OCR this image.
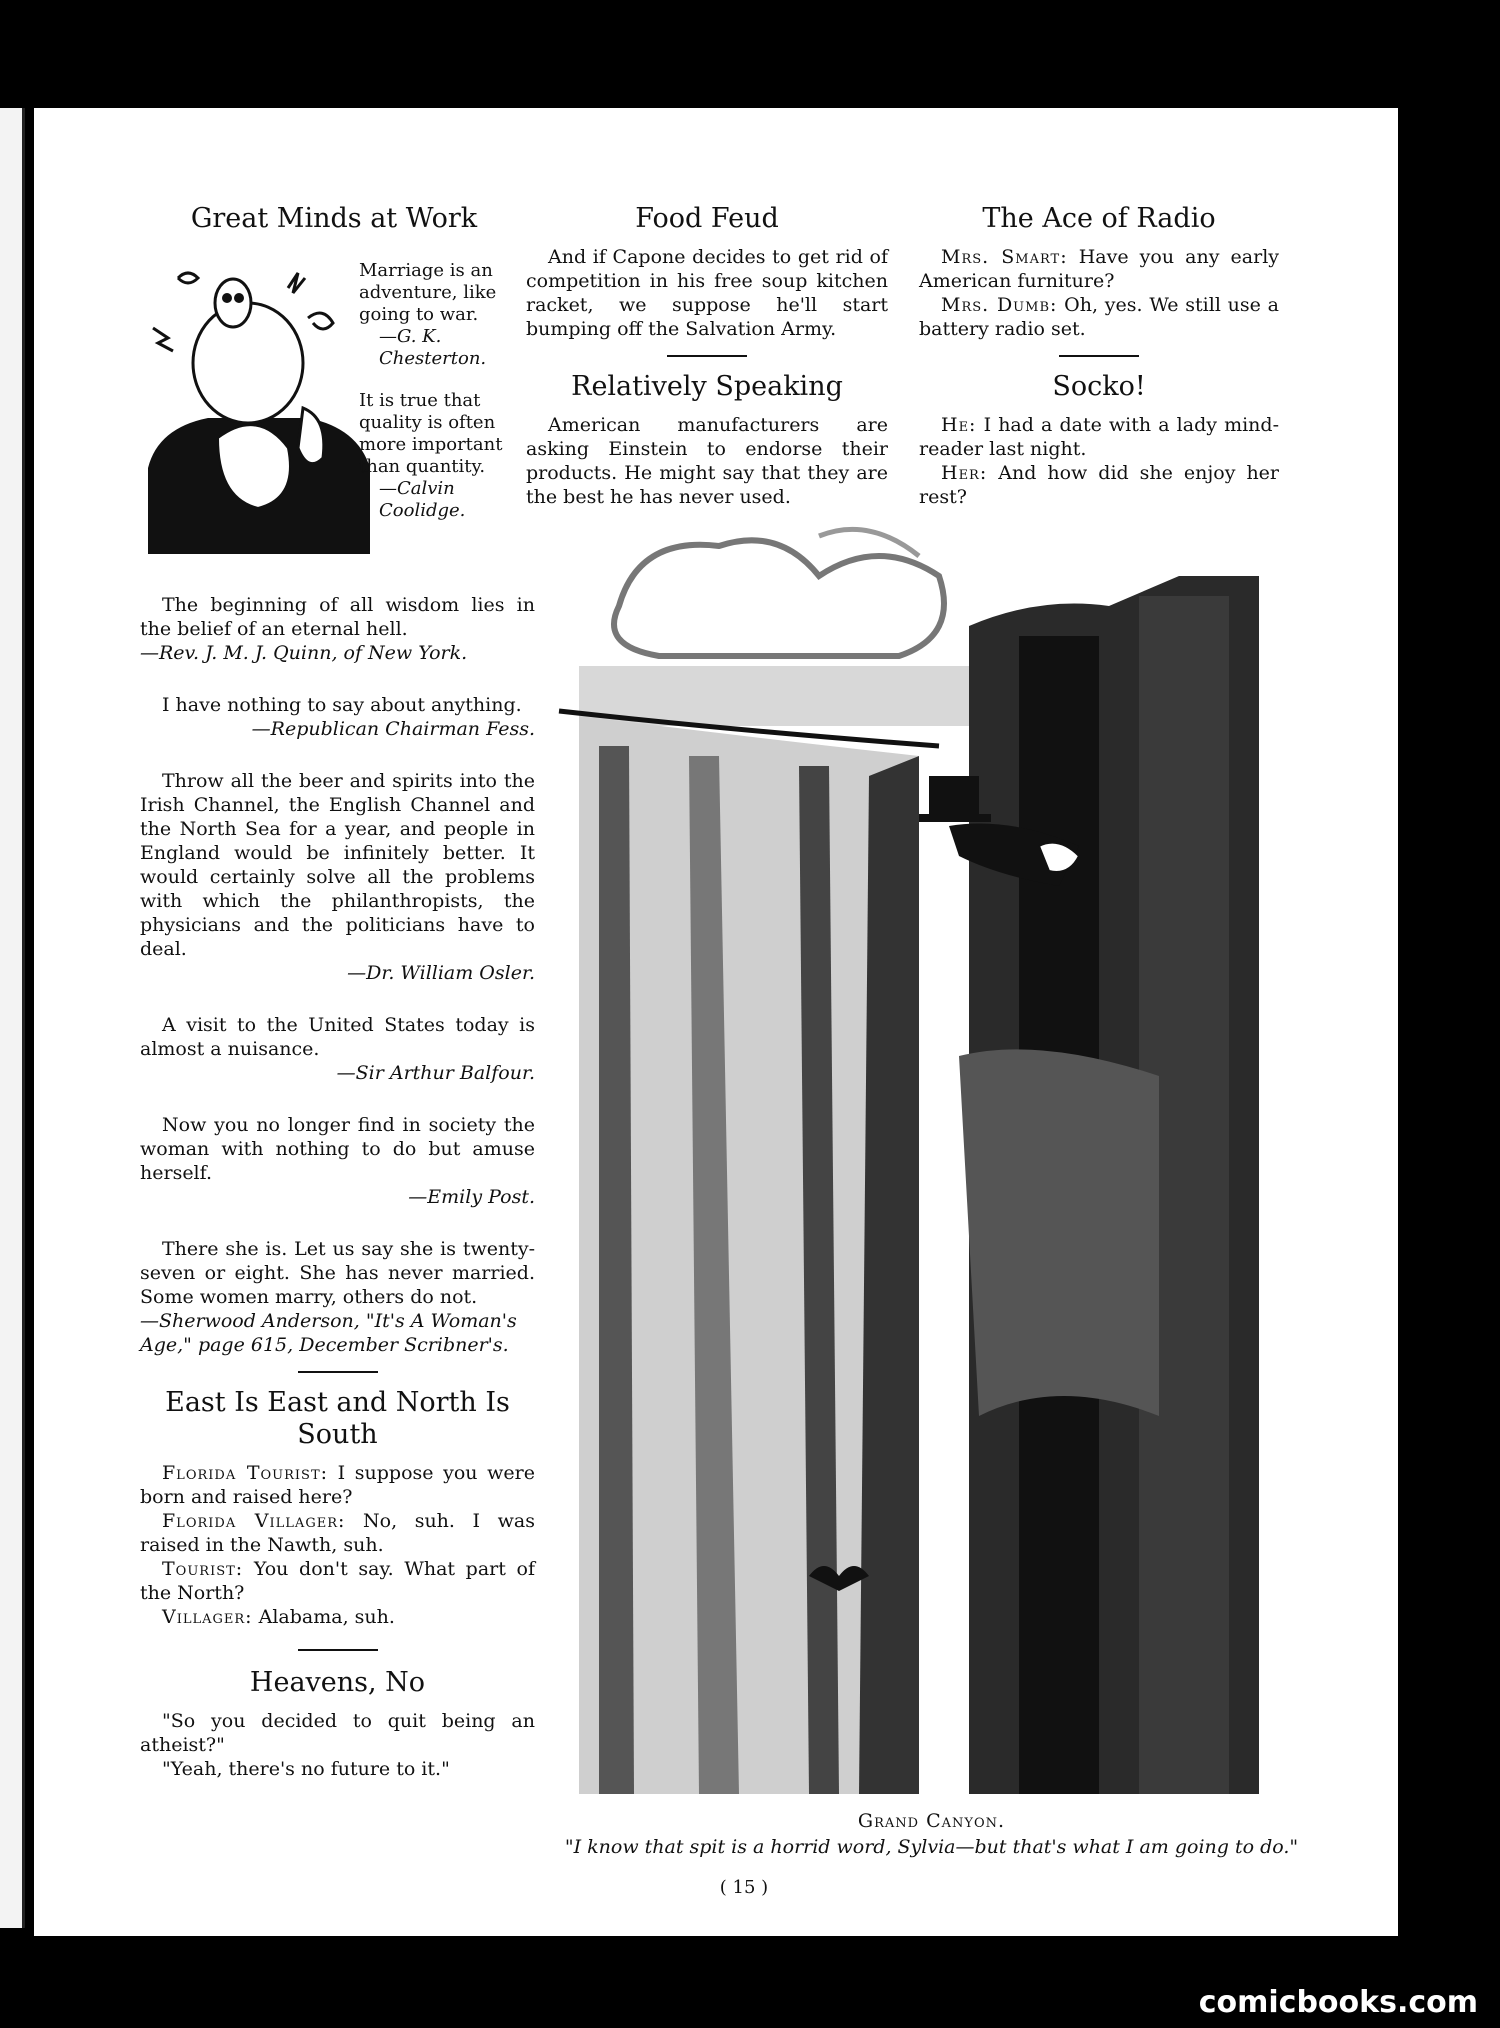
Great Minds at Work

Marriage is an adventure, like going to war.

—G. K. Chesterton.

It is true that quality is often more important than quantity.

—Calvin Coolidge.

The beginning of all wisdom lies in the belief of an eternal hell.

—Rev. J. M. J. Quinn, of New York.

I have nothing to say about anything.

—Republican Chairman Fess.

Throw all the beer and spirits into the Irish Channel, the English Channel and the North Sea for a year, and people in England would be infinitely better. It would certainly solve all the problems with which the philanthropists, the physicians and the politicians have to deal.

—Dr. William Osler.

A visit to the United States today is almost a nuisance.

—Sir Arthur Balfour.

Now you no longer find in society the woman with nothing to do but amuse herself.

—Emily Post.

There she is. Let us say she is twenty-seven or eight. She has never married. Some women marry, others do not.

—Sherwood Anderson, "It's A Woman's Age," page 615, December Scribner's.

East Is East and North Is South

Florida Tourist: I suppose you were born and raised here?

Florida Villager: No, suh. I was raised in the Nawth, suh.

Tourist: You don't say. What part of the North?

Villager: Alabama, suh.

Heavens, No

"So you decided to quit being an atheist?"

"Yeah, there's no future to it."

Food Feud

And if Capone decides to get rid of competition in his free soup kitchen racket, we suppose he'll start bumping off the Salvation Army.

Relatively Speaking

American manufacturers are asking Einstein to endorse their products. He might say that they are the best he has never used.

The Ace of Radio

Mrs. Smart: Have you any early American furniture?

Mrs. Dumb: Oh, yes. We still use a battery radio set.

Socko!

He: I had a date with a lady mind-reader last night.

Her: And how did she enjoy her rest?

Grand Canyon.
"I know that spit is a horrid word, Sylvia—but that's what I am going to do."
( 15 )
comicbooks.com
